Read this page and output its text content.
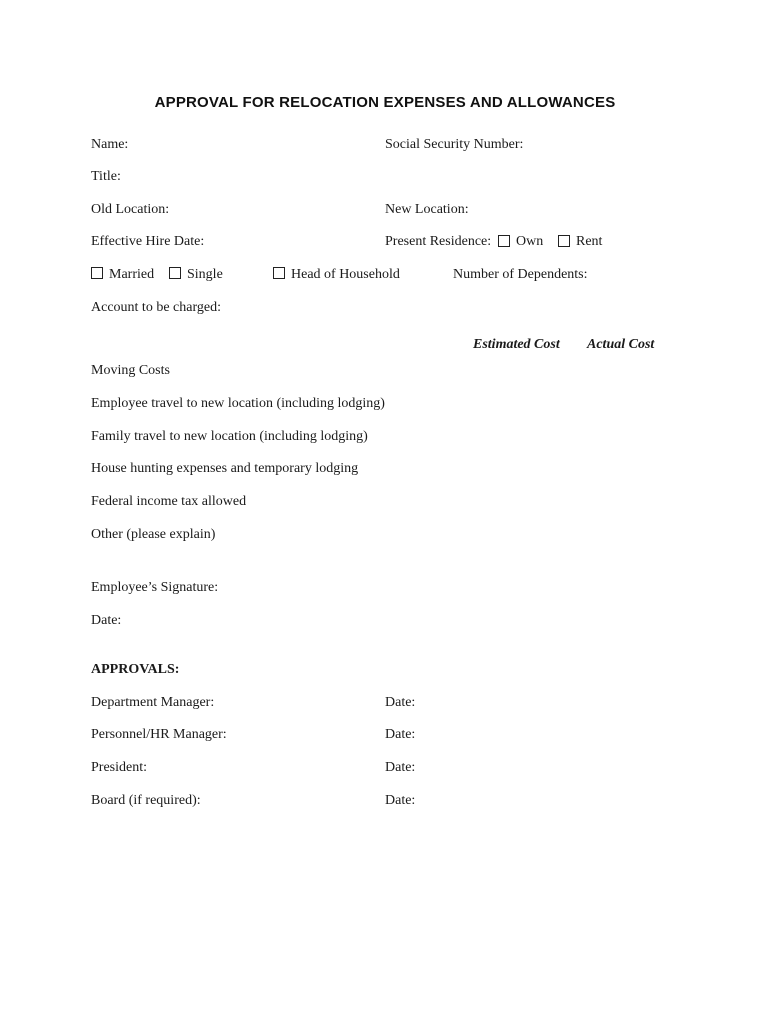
APPROVAL FOR RELOCATION EXPENSES AND ALLOWANCES
Name:	Social Security Number:
Title:
Old Location:	New Location:
Effective Hire Date:	Present Residence: Own Rent
Married Single	Head of Household	Number of Dependents:
Account to be charged:
Estimated Cost Actual Cost
Moving Costs
Employee travel to new location (including lodging)
Family travel to new location (including lodging)
House hunting expenses and temporary lodging
Federal income tax allowed
Other (please explain)
Employee’s Signature:
Date:
APPROVALS:
Department Manager:	Date:
Personnel/HR Manager:	Date:
President:	Date:
Board (if required):	Date:
